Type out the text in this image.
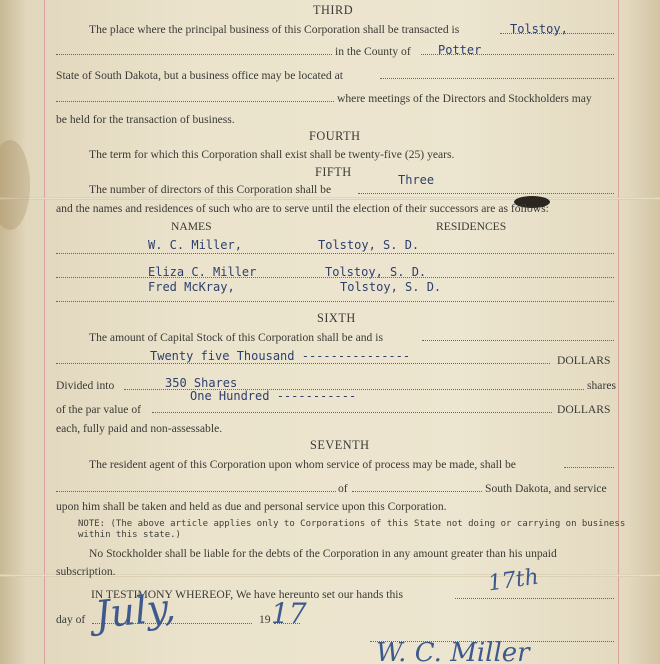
THIRD
The place where the principal business of this Corporation shall be transacted is	Tolstoy,
in the County of Potter
State of South Dakota, but a business office may be located at
where meetings of the Directors and Stockholders may
be held for the transaction of business.
FOURTH
The term for which this Corporation shall exist shall be twenty-five (25) years.
FIFTH
The number of directors of this Corporation shall be
Three
and the names and residences of such who are to serve until the election of their successors are as follows:
NAMES	RESIDENCES
W. C. Miller,	Tolstoy, S. D.
Eliza C. Miller	Tolstoy, S. D.
Fred McKray,	Tolstoy, S. D.
SIXTH
The amount of Capital Stock of this Corporation shall be and is
Twenty five Thousand ---------------	DOLLARS
Divided into	350 Shares	shares
One Hundred -----------
of the par value of	DOLLARS
each, fully paid and non-assessable.
SEVENTH
The resident agent of this Corporation upon whom service of process may be made, shall be
of	South Dakota, and service
upon him shall be taken and held as due and personal service upon this Corporation.
NOTE: (The above article applies only to Corporations of this State not doing or carrying on business
within this state.)
No Stockholder shall be liable for the debts of the Corporation in any amount greater than his unpaid
subscription.
IN TESTIMONY WHEREOF, We have hereunto set our hands this	17th
day of July,	19 17
W. C. Miller
